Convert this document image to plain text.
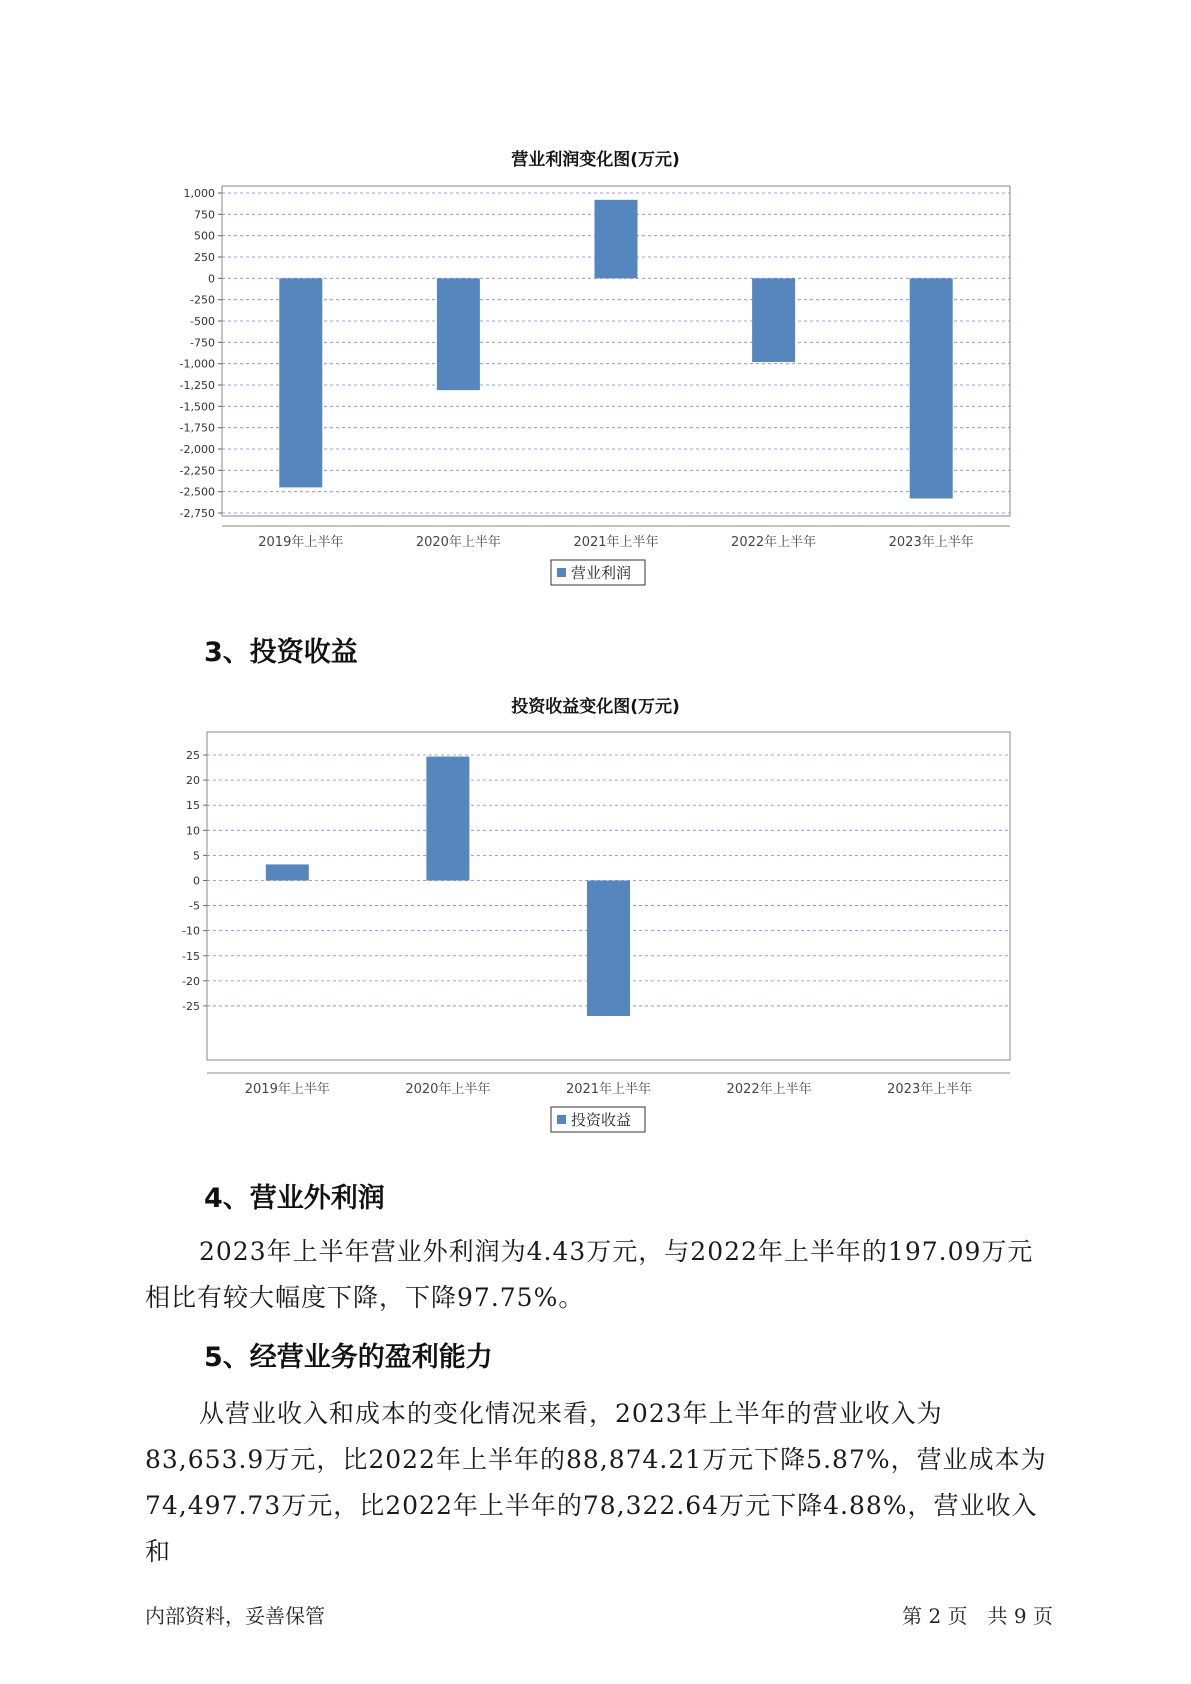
营业利润变化图(万元)
1,000
750
500
250
0
-250
-500
-750
-1,000
-1,250
-1,500
-1,750
-2,000
-2,250
-2,500
-2,750
2019年上半年	2020年上半年	2021年上半年	2022年上半年	2023年上半年
营业利润
3、投资收益
投资收益变化图(万元)
25
20
15
10
5
0
-5
-10
-15
-20
-25
2019年上半年	2020年上半年	2021年上半年	2022年上半年	2023年上半年
投资收益
4、营业外利润
2023年上半年营业外利润为4.43万元，与2022年上半年的197.09万元
相比有较大幅度下降，下降97.75%。
5、经营业务的盈利能力
从营业收入和成本的变化情况来看，2023年上半年的营业收入为
83,653.9万元，比2022年上半年的88,874.21万元下降5.87%，营业成本为
74,497.73万元，比2022年上半年的78,322.64万元下降4.88%，营业收入和
内部资料，妥善保管	第 2 页　共 9 页
